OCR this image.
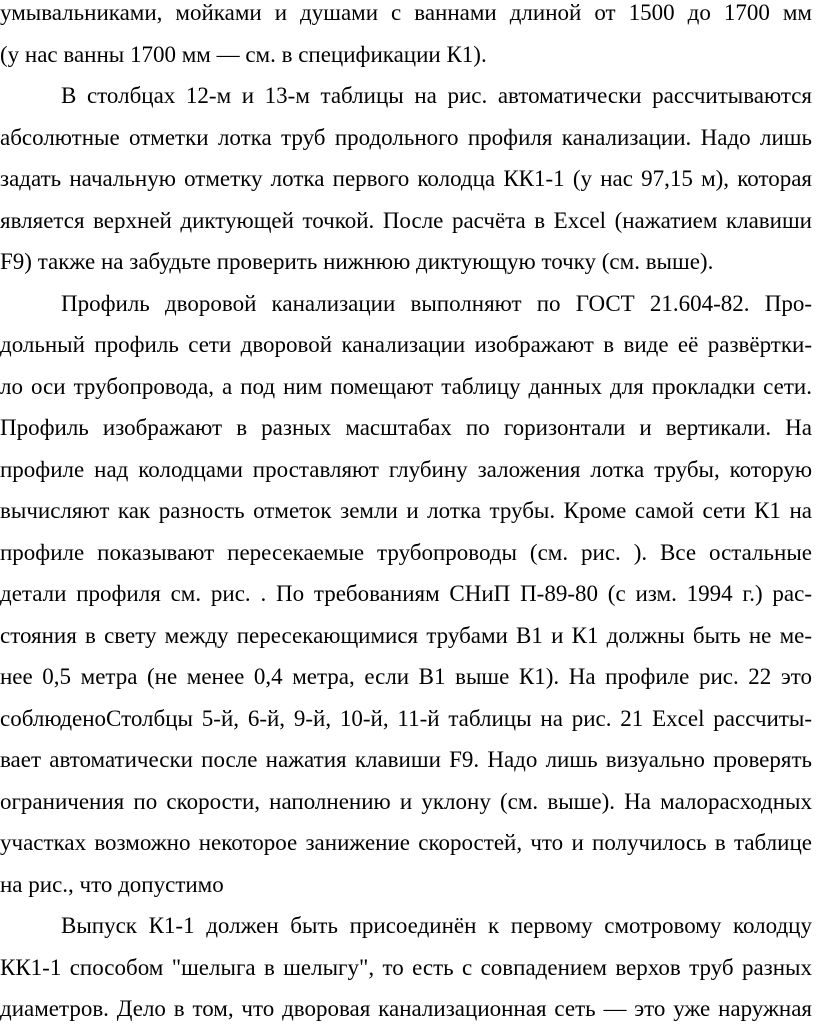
умывальниками, мойками и душами с ваннами длиной от 1500 до 1700 мм
(у нас ванны 1700 мм — см. в спецификации К1).
В столбцах 12-м и 13-м таблицы на рис. автоматически рассчитываются
абсолютные отметки лотка труб продольного профиля канализации. Надо лишь
задать начальную отметку лотка первого колодца КК1-1 (у нас 97,15 м), которая
является верхней диктующей точкой. После расчёта в Excel (нажатием клавиши
F9) также на забудьте проверить нижнюю диктующую точку (см. выше).
Профиль дворовой канализации выполняют по ГОСТ 21.604-82. Про-
дольный профиль сети дворовой канализации изображают в виде её развёртки-
ло оси трубопровода, а под ним помещают таблицу данных для прокладки сети.
Профиль изображают в разных масштабах по горизонтали и вертикали. На
профиле над колодцами проставляют глубину заложения лотка трубы, которую
вычисляют как разность отметок земли и лотка трубы. Кроме самой сети К1 на
профиле показывают пересекаемые трубопроводы (см. рис. ). Все остальные
детали профиля см. рис. . По требованиям СНиП П-89-80 (с изм. 1994 г.) рас-
стояния в свету между пересекающимися трубами В1 и К1 должны быть не ме-
нее 0,5 метра (не менее 0,4 метра, если В1 выше К1). На профиле рис. 22 это
соблюденоСтолбцы 5-й, 6-й, 9-й, 10-й, 11-й таблицы на рис. 21 Excel рассчиты-
вает автоматически после нажатия клавиши F9. Надо лишь визуально проверять
ограничения по скорости, наполнению и уклону (см. выше). На малорасходных
участках возможно некоторое занижение скоростей, что и получилось в таблице
на рис., что допустимо
Выпуск К1-1 должен быть присоединён к первому смотровому колодцу
КК1-1 способом "шелыга в шелыгу", то есть с совпадением верхов труб разных
диаметров. Дело в том, что дворовая канализационная сеть — это уже наружная
